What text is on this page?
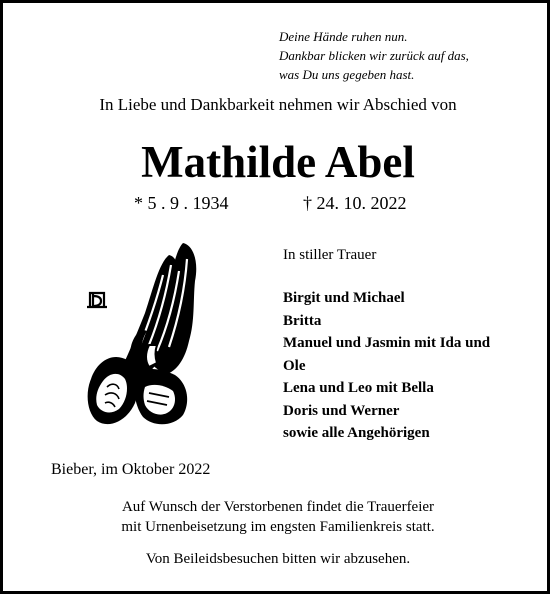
Deine Hände ruhen nun.
Dankbar blicken wir zurück auf das,
was Du uns gegeben hast.
In Liebe und Dankbarkeit nehmen wir Abschied von
Mathilde Abel
* 5 . 9 . 1934	† 24. 10. 2022
In stiller Trauer
Birgit und Michael
Britta
Manuel und Jasmin mit Ida und
Ole
Lena und Leo mit Bella
Doris und Werner
sowie alle Angehörigen
Bieber, im Oktober 2022
Auf Wunsch der Verstorbenen findet die Trauerfeier
mit Urnenbeisetzung im engsten Familienkreis statt.
Von Beileidsbesuchen bitten wir abzusehen.
